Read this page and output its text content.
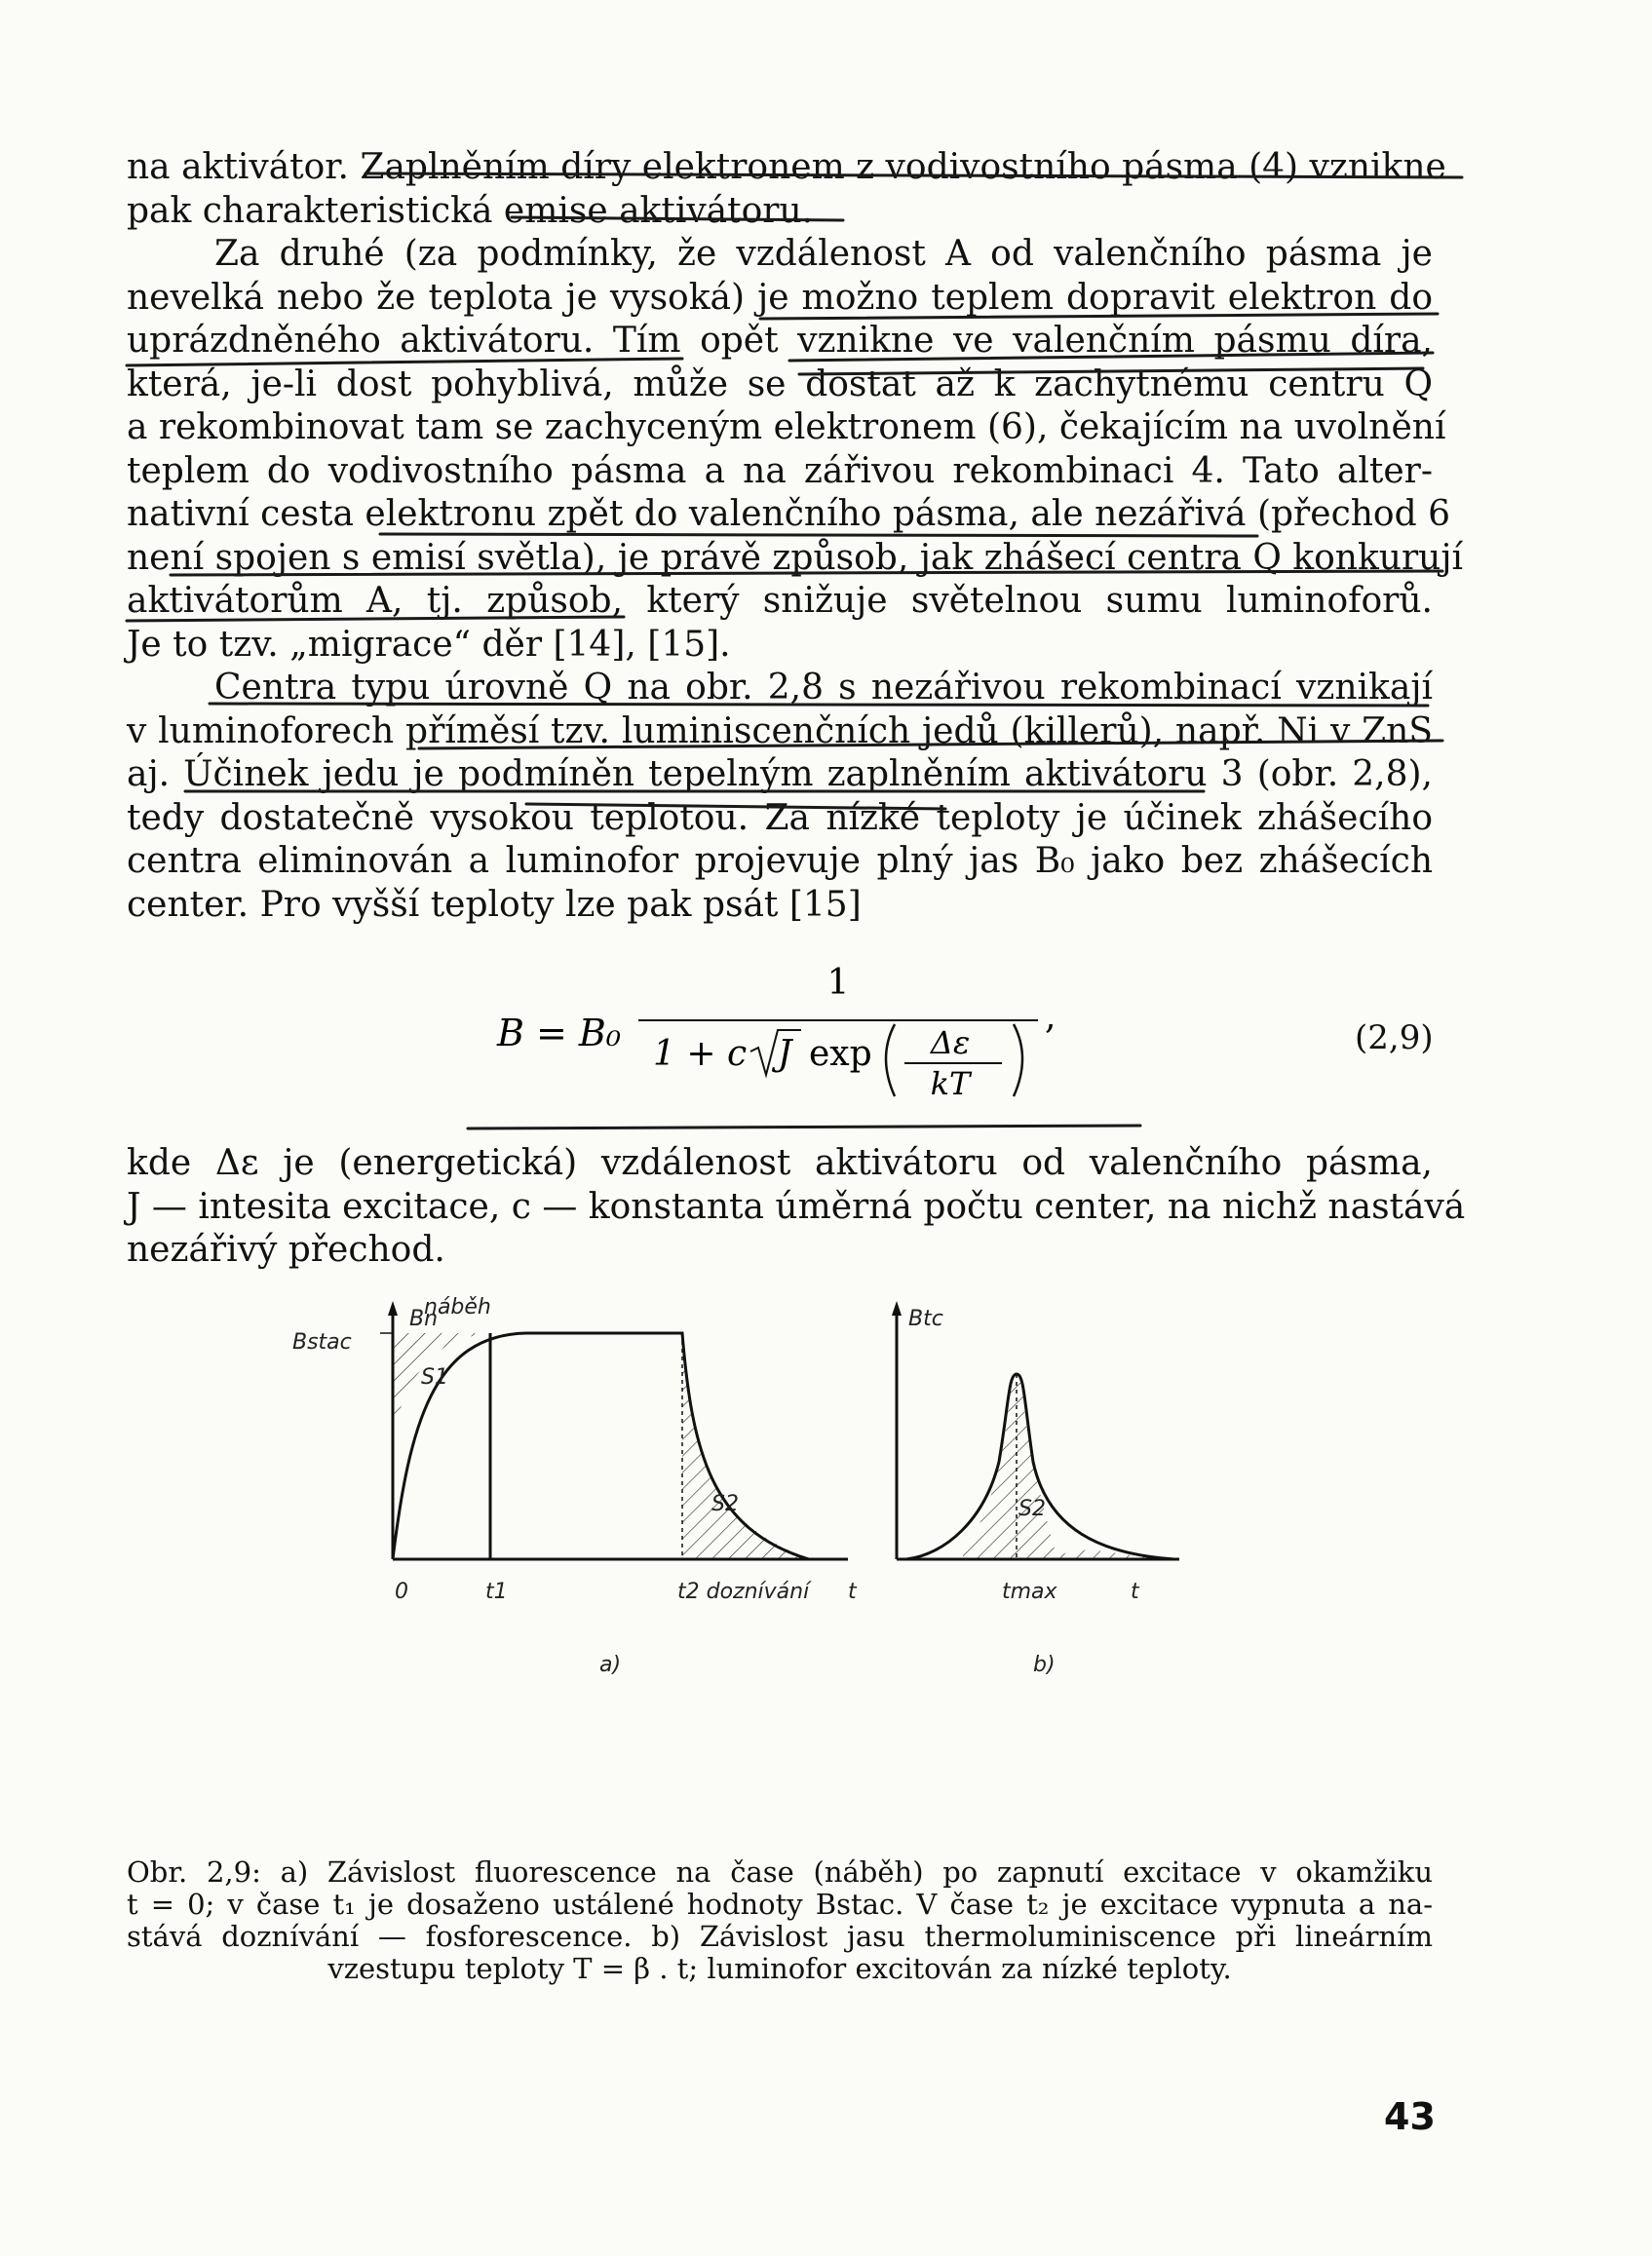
na aktivátor. Zaplněním díry elektronem z vodivostního pásma (4) vznikne
pak charakteristická emise aktivátoru.
Za druhé (za podmínky, že vzdálenost A od valenčního pásma je
nevelká nebo že teplota je vysoká) je možno teplem dopravit elektron do
uprázdněného aktivátoru. Tím opět vznikne ve valenčním pásmu díra,
která, je-li dost pohyblivá, může se dostat až k zachytnému centru Q
a rekombinovat tam se zachyceným elektronem (6), čekajícím na uvolnění
teplem do vodivostního pásma a na zářivou rekombinaci 4. Tato alter-
nativní cesta elektronu zpět do valenčního pásma, ale nezářivá (přechod 6
není spojen s emisí světla), je právě způsob, jak zhášecí centra Q konkurují
aktivátorům A, tj. způsob, který snižuje světelnou sumu luminoforů.
Je to tzv. „migrace“ děr [14], [15].
Centra typu úrovně Q na obr. 2,8 s nezářivou rekombinací vznikají
v luminoforech příměsí tzv. luminiscenčních jedů (killerů), např. Ni v ZnS
aj. Účinek jedu je podmíněn tepelným zaplněním aktivátoru 3 (obr. 2,8),
tedy dostatečně vysokou teplotou. Za nízké teploty je účinek zhášecího
centra eliminován a luminofor projevuje plný jas B₀ jako bez zhášecích
center. Pro vyšší teploty lze pak psát [15]
B = B₀
1
1 + c J exp Δε
kT
,
(2,9)
kde Δε je (energetická) vzdálenost aktivátoru od valenčního pásma,
J — intesita excitace, c — konstanta úměrná počtu center, na nichž nastává
nezářivý přechod.
Bn
Bstac
náběh
S1
S2
0	t1	t2 doznívání t
a)
Btc
S2
tmax	t
b)
Obr. 2,9: a) Závislost fluorescence na čase (náběh) po zapnutí excitace v okamžiku
t = 0; v čase t₁ je dosaženo ustálené hodnoty Bstac. V čase t₂ je excitace vypnuta a na-
stává doznívání — fosforescence. b) Závislost jasu thermoluminiscence při lineárním
vzestupu teploty T = β . t; luminofor excitován za nízké teploty.
43
